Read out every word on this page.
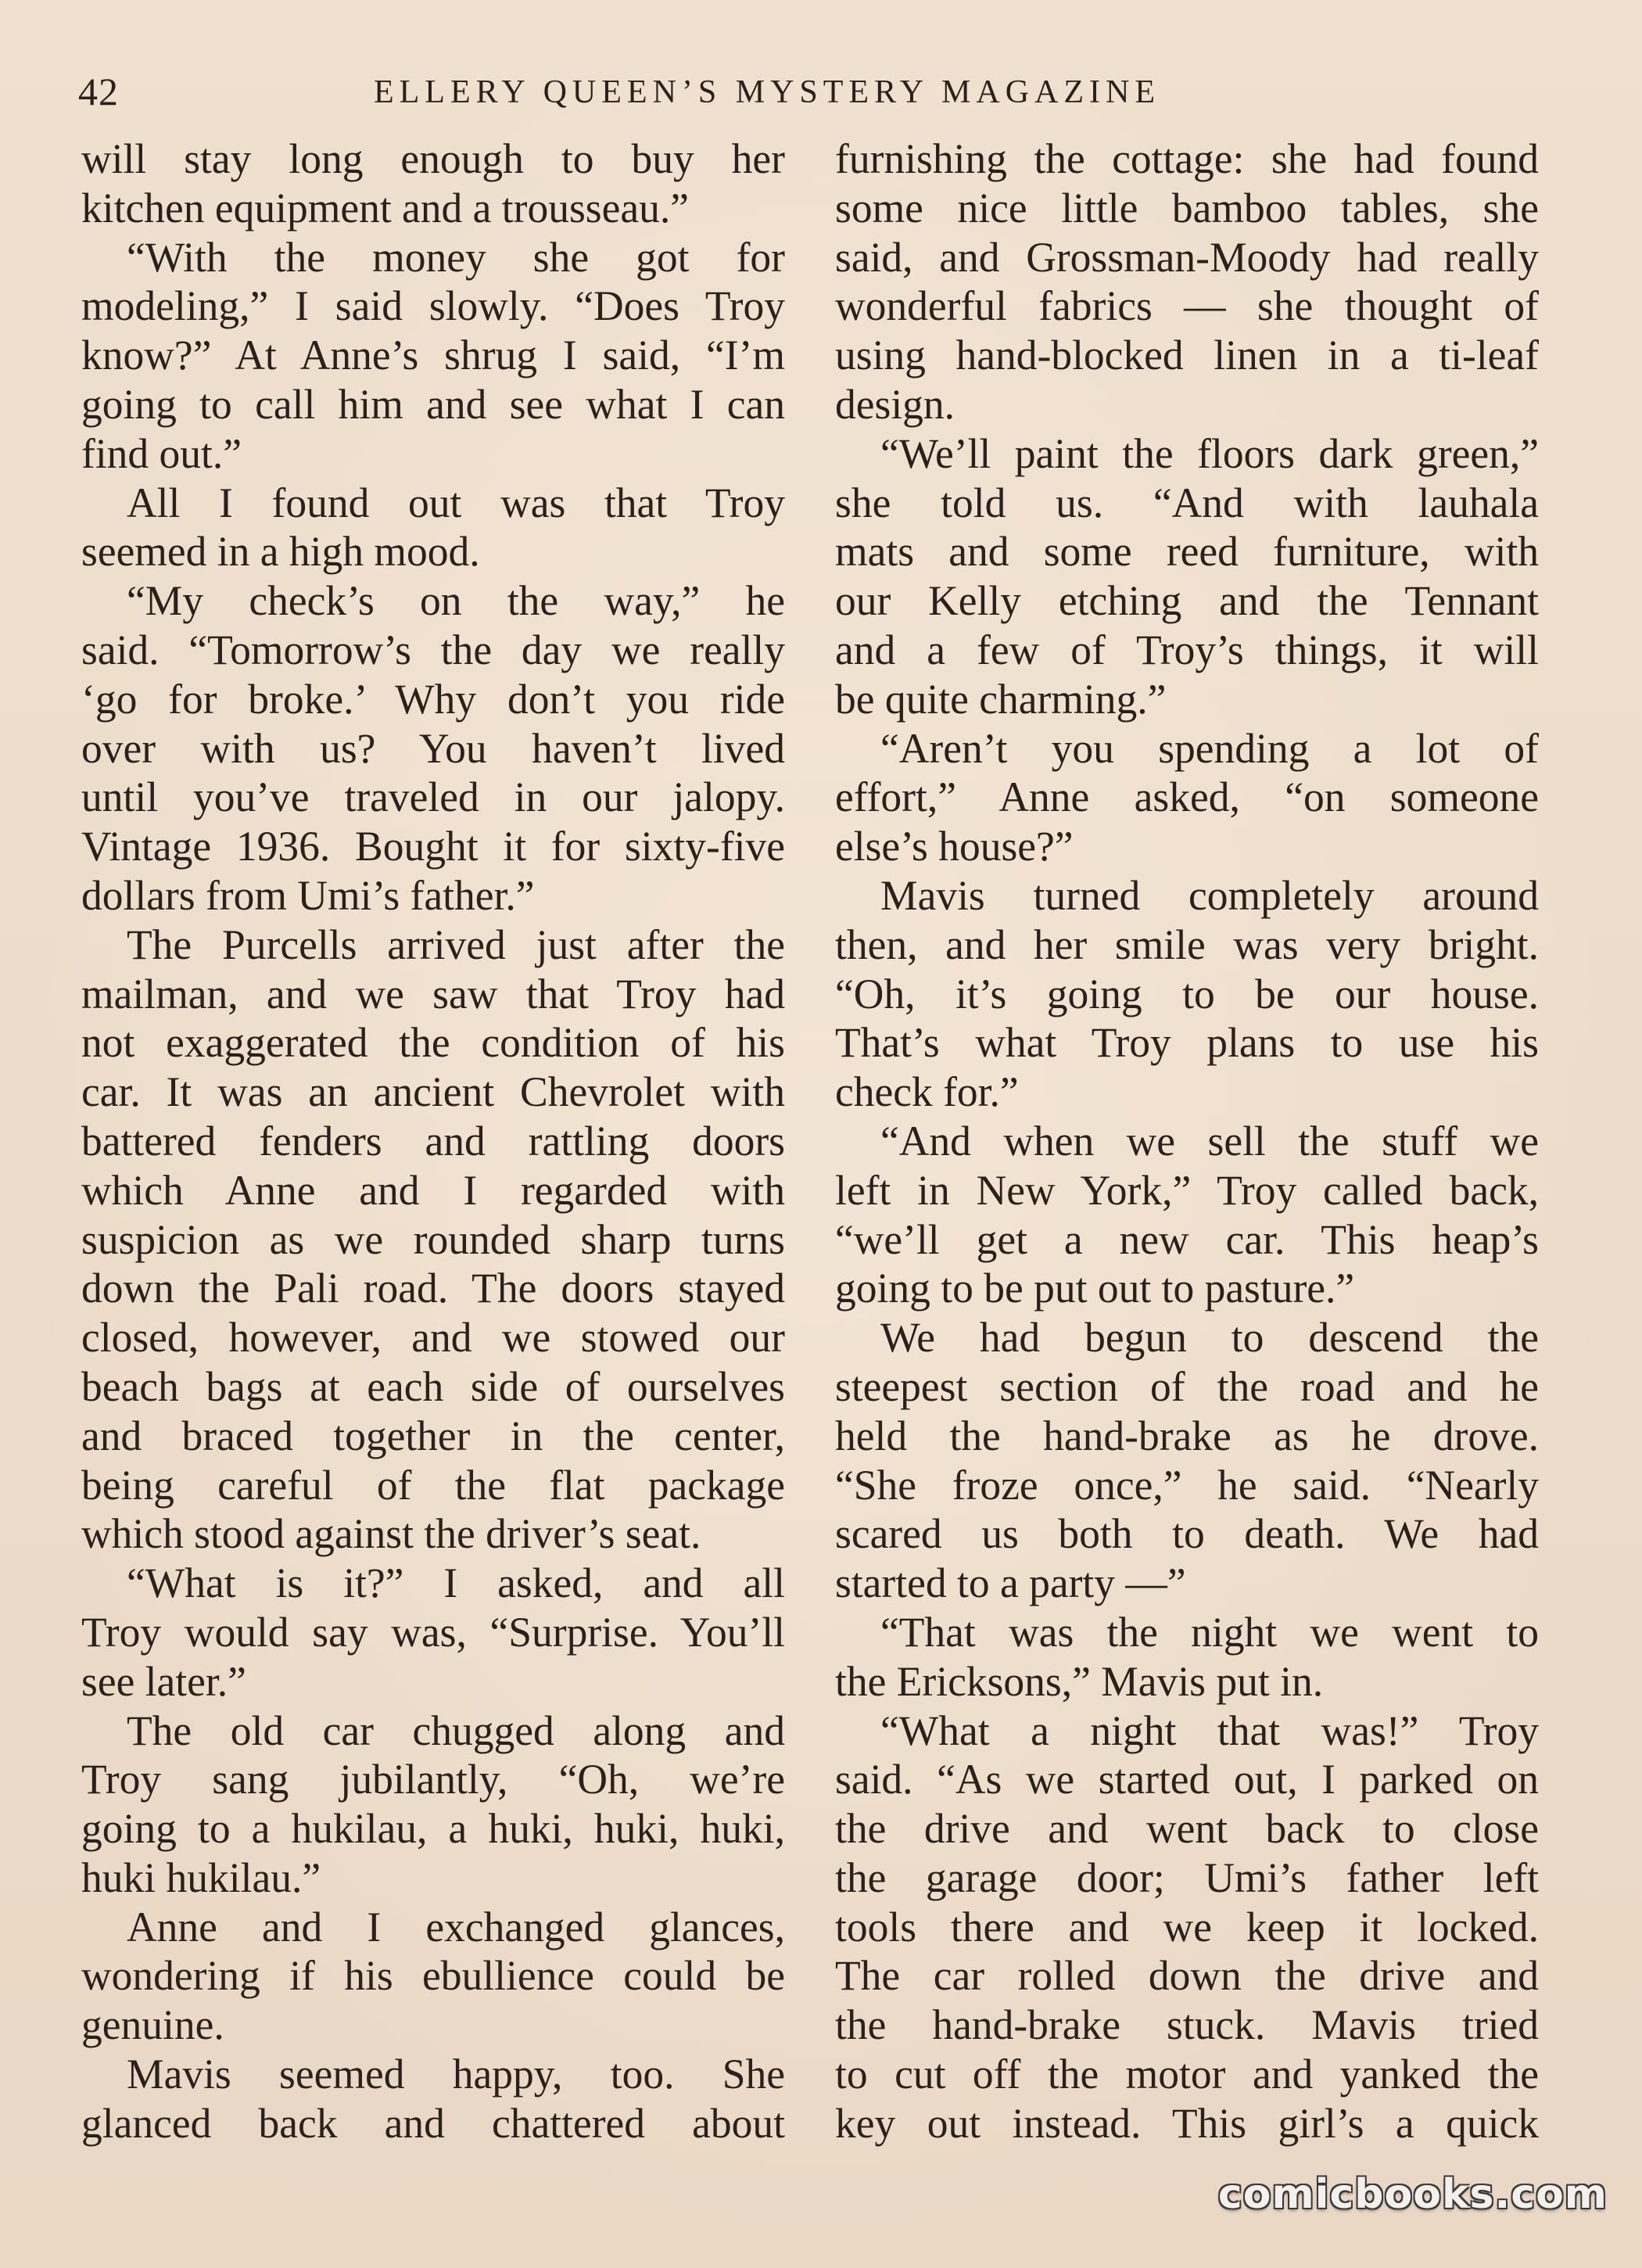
42	ELLERY QUEEN’S MYSTERY MAGAZINE
will stay long enough to buy her
kitchen equipment and a trousseau.”
“With the money she got for
modeling,” I said slowly. “Does Troy
know?” At Anne’s shrug I said, “I’m
going to call him and see what I can
find out.”
All I found out was that Troy
seemed in a high mood.
“My check’s on the way,” he
said. “Tomorrow’s the day we really
‘go for broke.’ Why don’t you ride
over with us? You haven’t lived
until you’ve traveled in our jalopy.
Vintage 1936. Bought it for sixty-five
dollars from Umi’s father.”
The Purcells arrived just after the
mailman, and we saw that Troy had
not exaggerated the condition of his
car. It was an ancient Chevrolet with
battered fenders and rattling doors
which Anne and I regarded with
suspicion as we rounded sharp turns
down the Pali road. The doors stayed
closed, however, and we stowed our
beach bags at each side of ourselves
and braced together in the center,
being careful of the flat package
which stood against the driver’s seat.
“What is it?” I asked, and all
Troy would say was, “Surprise. You’ll
see later.”
The old car chugged along and
Troy sang jubilantly, “Oh, we’re
going to a hukilau, a huki, huki, huki,
huki hukilau.”
Anne and I exchanged glances,
wondering if his ebullience could be
genuine.
Mavis seemed happy, too. She
glanced back and chattered about
furnishing the cottage: she had found
some nice little bamboo tables, she
said, and Grossman-Moody had really
wonderful fabrics — she thought of
using hand-blocked linen in a ti-leaf
design.
“We’ll paint the floors dark green,”
she told us. “And with lauhala
mats and some reed furniture, with
our Kelly etching and the Tennant
and a few of Troy’s things, it will
be quite charming.”
“Aren’t you spending a lot of
effort,” Anne asked, “on someone
else’s house?”
Mavis turned completely around
then, and her smile was very bright.
“Oh, it’s going to be our house.
That’s what Troy plans to use his
check for.”
“And when we sell the stuff we
left in New York,” Troy called back,
“we’ll get a new car. This heap’s
going to be put out to pasture.”
We had begun to descend the
steepest section of the road and he
held the hand-brake as he drove.
“She froze once,” he said. “Nearly
scared us both to death. We had
started to a party —”
“That was the night we went to
the Ericksons,” Mavis put in.
“What a night that was!” Troy
said. “As we started out, I parked on
the drive and went back to close
the garage door; Umi’s father left
tools there and we keep it locked.
The car rolled down the drive and
the hand-brake stuck. Mavis tried
to cut off the motor and yanked the
key out instead. This girl’s a quick
comicbooks.com
